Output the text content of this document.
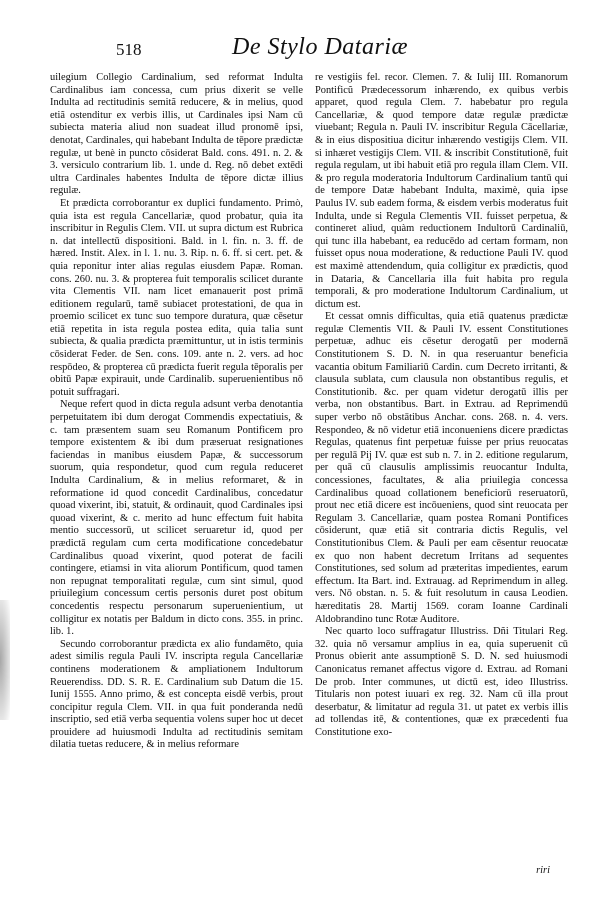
518	De Stylo Datariæ

uilegium Collegio Cardinalium, sed reformat Indulta Cardinalibus iam concessa, cum prius dixerit se velle Indulta ad rectitudinis semitã reducere, & in melius, quod etiã ostenditur ex verbis illis, ut Cardinales ipsi Nam cū subiecta materia aliud non suadeat illud pronomē ipsi, denotat, Cardinales, qui habebant Indulta de tēpore prædictæ regulæ, ut benè in puncto cōsiderat Bald. cons. 491. n. 2. & 3. versiculo contrarium lib. 1. unde d. Reg. nō debet extēdi ultra Cardinales habentes Indulta de tēpore dictæ illius regulæ.

Et prædicta corroborantur ex duplici fundamento. Primò, quia ista est regula Cancellariæ, quod probatur, quia ita inscribitur in Regulis Clem. VII. ut supra dictum est Rubrica n. dat intellectū dispositioni. Bald. in l. fin. n. 3. ff. de hæred. Instit. Alex. in l. 1. nu. 3. Rip. n. 6. ff. si cert. pet. & quia reponitur inter alias regulas eiusdem Papæ. Roman. cons. 260. nu. 3. & propterea fuit temporalis scilicet durante vita Clementis VII. nam licet emanauerit post primā editionem regularū, tamē subiacet protestationi, de qua in proemio scilicet ex tunc suo tempore duratura, quæ cēsetur etiā repetita in ista regula postea edita, quia talia sunt subiecta, & qualia prædicta præmittuntur, ut in istis terminis cōsiderat Feder. de Sen. cons. 109. ante n. 2. vers. ad hoc respōdeo, & propterea cū prædicta fuerit regula tēporalis per obitū Papæ expirauit, unde Cardinalib. superuenientibus nō potuit suffragari.

Neque refert quod in dicta regula adsunt verba denotantia perpetuitatem ibi dum derogat Commendis expectatiuis, & c. tam præsentem suam seu Romanum Pontificem pro tempore existentem & ibi dum præseruat resignationes faciendas in manibus eiusdem Papæ, & successorum suorum, quia respondetur, quod cum regula reduceret Indulta Cardinalium, & in melius reformaret, & in reformatione id quod concedit Cardinalibus, concedatur quoad vixerint, ibi, statuit, & ordinauit, quod Cardinales ipsi quoad vixerint, & c. merito ad hunc effectum fuit habita mentio successorū, ut scilicet seruaretur id, quod per prædictā regulam cum certa modificatione concedebatur Cardinalibus quoad vixerint, quod poterat de facili contingere, etiamsi in vita aliorum Pontificum, quod tamen non repugnat temporalitati regulæ, cum sint simul, quod priuilegium concessum certis personis duret post obitum concedentis respectu personarum superuenientium, ut colligitur ex notatis per Baldum in dicto cons. 355. in princ. lib. 1.

Secundo corroborantur prædicta ex alio fundamēto, quia adest similis regula Pauli IV. inscripta regula Cancellariæ continens moderationem & ampliationem Indultorum Reuerendiss. DD. S. R. E. Cardinalium sub Datum die 15. Iunij 1555. Anno primo, & est concepta eisdē verbis, prout concipitur regula Clem. VII. in qua fuit ponderanda nedū inscriptio, sed etiā verba sequentia volens super hoc ut decet prouidere ad huiusmodi Indulta ad rectitudinis semitam dilatia tuetas reducere, & in melius reformare

re vestigiis fel. recor. Clemen. 7. & Iulij III. Romanorum Pontificũ Prædecessorum inhærendo, ex quibus verbis apparet, quod regula Clem. 7. habebatur pro regula Cancellariæ, & quod tempore datæ regulæ prædictæ viuebant; Regula n. Pauli IV. inscribitur Regula Cācellariæ, & in eius dispositiua dicitur inhærendo vestigijs Clem. VII. si inhæret vestigijs Clem. VII. & inscribit Constitutionē, fuit regula regulam, ut ibi habuit etiā pro regula illam Clem. VII. & pro regula moderatoria Indultorum Cardinalium tantū qui de tempore Datæ habebant Indulta, maximè, quia ipse Paulus IV. sub eadem forma, & eisdem verbis moderatus fuit Indulta, unde si Regula Clementis VII. fuisset perpetua, & contineret aliud, quàm reductionem Indultorū Cardinaliū, qui tunc illa habebant, ea reducēdo ad certam formam, non fuisset opus noua moderatione, & reductione Pauli IV. quod est maximè attendendum, quia colligitur ex prædictis, quod in Dataria, & Cancellaria illa fuit habita pro regula temporali, & pro moderatione Indultorum Cardinalium, ut dictum est.

Et cessat omnis difficultas, quia etiã quatenus prædictæ regulæ Clementis VII. & Pauli IV. essent Constitutiones perpetuæ, adhuc eis cēsetur derogatū per modernā Constitutionem S. D. N. in qua reseruantur beneficia vacantia obitum Familiariū Cardin. cum Decreto irritanti, & clausula sublata, cum clausula non obstantibus regulis, et Constitutionib. &c. per quam videtur derogatū illis per verba, non obstantibus. Bart. in Extrau. ad Reprimendū super verbo nō obstātibus Anchar. cons. 268. n. 4. vers. Respondeo, & nō videtur etiā inconueniens dicere prædictas Regulas, quatenus fint perpetuæ fuisse per prius reuocatas per regulā Pij IV. quæ est sub n. 7. in 2. editione regularum, per quā cū clausulis amplissimis reuocantur Indulta, concessiones, facultates, & alia priuilegia concessa Cardinalibus quoad collationem beneficiorū reseruatorū, prout nec etiā dicere est incōueniens, quod sint reuocata per Regulam 3. Cancellariæ, quam postea Romani Pontifices cōsiderunt, quæ etiã sit contraria dictis Regulis, vel Constitutionibus Clem. & Pauli per eam cēsentur reuocatæ ex quo non habent decretum Irritans ad sequentes Constitutiones, sed solum ad præteritas impedientes, earum effectum. Ita Bart. ind. Extrauag. ad Reprimendum in alleg. vers. Nō obstan. n. 5. & fuit resolutum in causa Leodien. hæreditatis 28. Martij 1569. coram Ioanne Cardinali Aldobrandino tunc Rotæ Auditore.

Nec quarto loco suffragatur Illustriss. Dñi Titulari Reg. 32. quia nō versamur amplius in ea, quia superuenit cū Pronus obierit ante assumptionē S. D. N. sed huiusmodi Canonicatus remanet affectus vigore d. Extrau. ad Romani De prob. Inter communes, ut dictū est, ideo Illustriss. Titularis non potest iuuari ex reg. 32. Nam cū illa prout deserbatur, & limitatur ad regula 31. ut patet ex verbis illis ad tollendas itē, & contentiones, quæ ex præcedenti fua Constitutione exo-

riri
